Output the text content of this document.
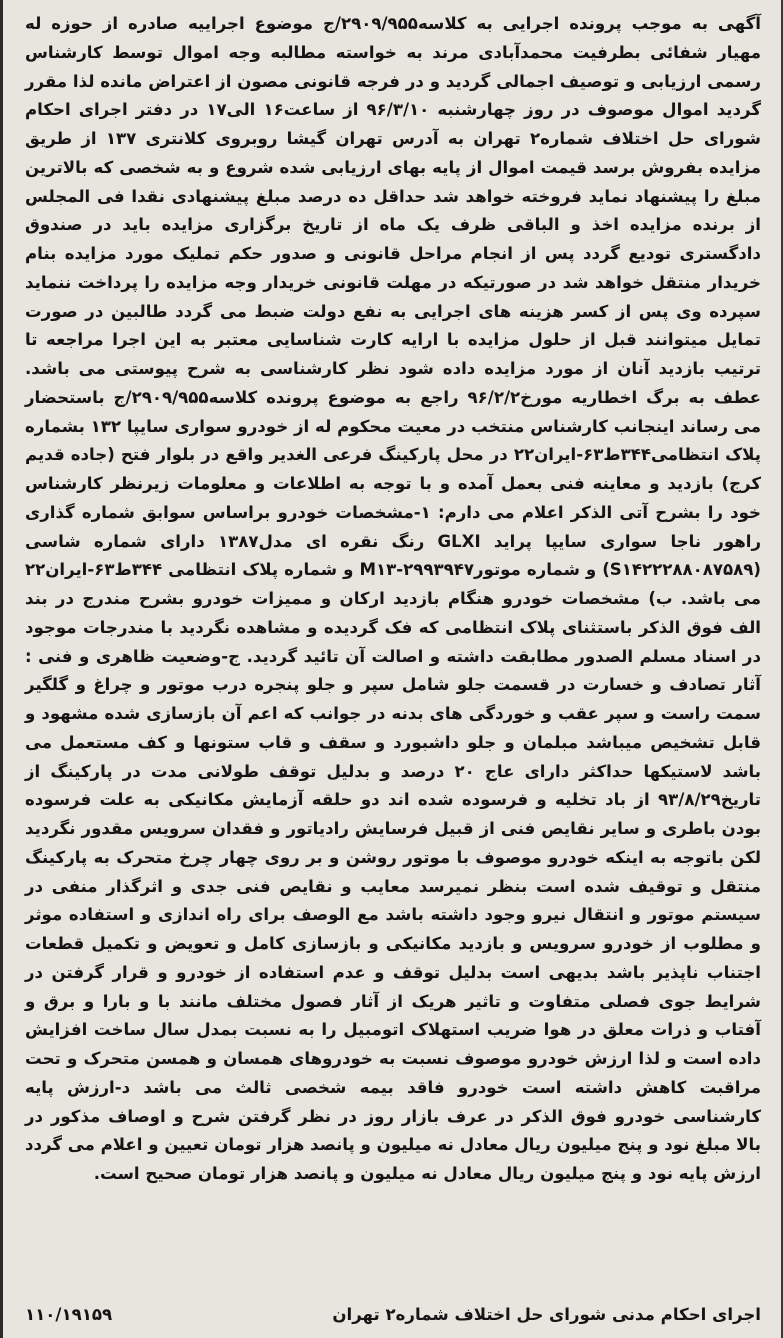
آگهی به موجب پرونده اجرایی به کلاسه۲۹۰۹/۹۵۵/ج موضوع اجراییه صادره از حوزه له مهیار شفائی بطرفیت محمدآبادی مرند به خواسته مطالبه وجه اموال توسط کارشناس رسمی ارزیابی و توصیف اجمالی گردید و در فرجه قانونی مصون از اعتراض مانده لذا مقرر گردید اموال موصوف در روز چهارشنبه ۹۶/۳/۱۰ از ساعت۱۶ الی۱۷ در دفتر اجرای احکام شورای حل اختلاف شماره۲ تهران به آدرس تهران گیشا روبروی کلانتری ۱۳۷ از طریق مزایده بفروش برسد قیمت اموال از پایه بهای ارزیابی شده شروع و به شخصی که بالاترین مبلغ را پیشنهاد نماید فروخته خواهد شد حداقل ده درصد مبلغ پیشنهادی نقدا فی المجلس از برنده مزایده اخذ و الباقی ظرف یک ماه از تاریخ برگزاری مزایده باید در صندوق دادگستری تودیع گردد پس از انجام مراحل قانونی و صدور حکم تملیک مورد مزایده بنام خریدار منتقل خواهد شد در صورتیکه در مهلت قانونی خریدار وجه مزایده را پرداخت ننماید سپرده وی پس از کسر هزینه های اجرایی به نفع دولت ضبط می گردد طالبین در صورت تمایل میتوانند قبل از حلول مزایده با ارایه کارت شناسایی معتبر به این اجرا مراجعه تا ترتیب بازدید آنان از مورد مزایده داده شود نظر کارشناسی به شرح پیوستی می باشد. عطف به برگ اخطاریه مورخ۹۶/۲/۲ راجع به موضوع پرونده کلاسه۲۹۰۹/۹۵۵/ج باستحضار می رساند اینجانب کارشناس منتخب در معیت محکوم له از خودرو سواری سایپا ۱۳۲ بشماره پلاک انتظامی۳۴۴ط۶۳-ایران۲۲ در محل پارکینگ فرعی الغدیر واقع در بلوار فتح (جاده قدیم کرج) بازدید و معاینه فنی بعمل آمده و با توجه به اطلاعات و معلومات زیرنظر کارشناس خود را بشرح آتی الذکر اعلام می دارم: ۱-مشخصات خودرو براساس سوابق شماره گذاری راهور ناجا سواری سایپا پراید GLXI رنگ نقره ای مدل۱۳۸۷ دارای شماره شاسی (S۱۴۲۲۲۸۸۰۸۷۵۸۹) و شماره موتورM۱۳-۲۹۹۳۹۴۷ و شماره پلاک انتظامی ۳۴۴ط۶۳-ایران۲۲ می باشد. ب) مشخصات خودرو هنگام بازدید ارکان و ممیزات خودرو بشرح مندرج در بند الف فوق الذکر باستثنای پلاک انتظامی که فک گردیده و مشاهده نگردید با مندرجات موجود در اسناد مسلم الصدور مطابقت داشته و اصالت آن تائید گردید. ج-وضعیت ظاهری و فنی : آثار تصادف و خسارت در قسمت جلو شامل سپر و جلو پنجره درب موتور و چراغ و گلگیر سمت راست و سپر عقب و خوردگی های بدنه در جوانب که اعم آن بازسازی شده مشهود و قابل تشخیص میباشد مبلمان و جلو داشبورد و سقف و قاب ستونها و کف مستعمل می باشد لاستیکها حداکثر دارای عاج ۲۰ درصد و بدلیل توقف طولانی مدت در پارکینگ از تاریخ۹۳/۸/۲۹ از باد تخلیه و فرسوده شده اند دو حلقه آزمایش مکانیکی به علت فرسوده بودن باطری و سایر نقایص فنی از قبیل فرسایش رادیاتور و فقدان سرویس مقدور نگردید لکن باتوجه به اینکه خودرو موصوف با موتور روشن و بر روی چهار چرخ متحرک به پارکینگ منتقل و توقیف شده است بنظر نمیرسد معایب و نقایص فنی جدی و اثرگذار منفی در سیستم موتور و انتقال نیرو وجود داشته باشد مع الوصف برای راه اندازی و استفاده موثر و مطلوب از خودرو سرویس و بازدید مکانیکی و بازسازی کامل و تعویض و تکمیل قطعات اجتناب ناپذیر باشد بدیهی است بدلیل توقف و عدم استفاده از خودرو و قرار گرفتن در شرایط جوی فصلی متفاوت و تاثیر هریک از آثار فصول مختلف مانند با و بارا و برق و آفتاب و ذرات معلق در هوا ضریب استهلاک اتومبیل را به نسبت بمدل سال ساخت افزایش داده است و لذا ارزش خودرو موصوف نسبت به خودروهای همسان و همسن متحرک و تحت مراقبت کاهش داشته است خودرو فاقد بیمه شخصی ثالث می باشد د-ارزش پایه کارشناسی خودرو فوق الذکر در عرف بازار روز در نظر گرفتن شرح و اوصاف مذکور در بالا مبلغ نود و پنج میلیون ریال معادل نه میلیون و پانصد هزار تومان تعیین و اعلام می گردد ارزش پایه نود و پنج میلیون ریال معادل نه میلیون و پانصد هزار تومان صحیح است.

اجرای احکام مدنی شورای حل اختلاف شماره۲ تهران
۱۱۰/۱۹۱۵۹
